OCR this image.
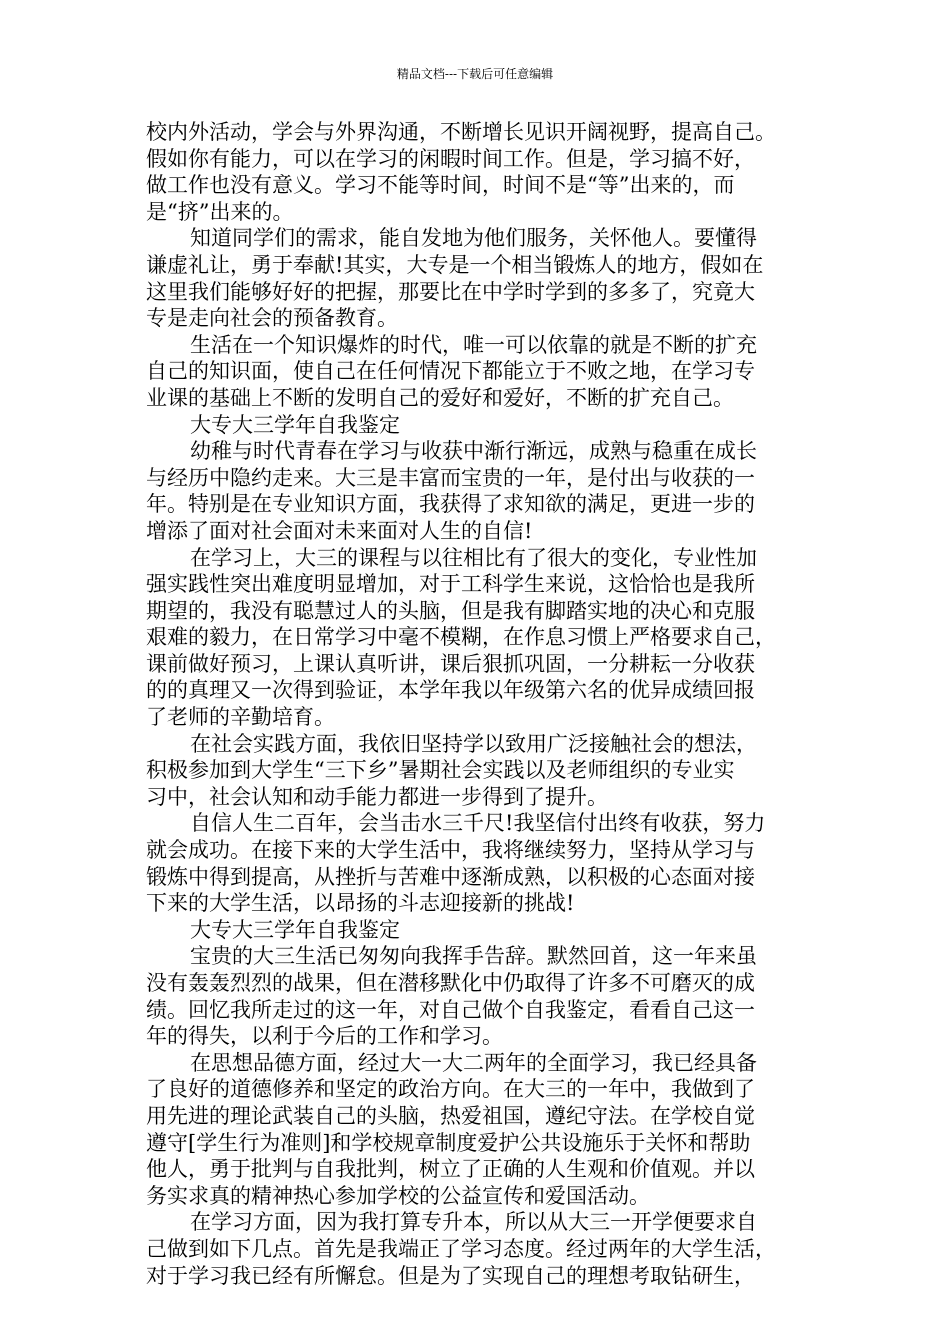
精品文档---下载后可任意编辑
校内外活动，学会与外界沟通，不断增长见识开阔视野，提高自己。
假如你有能力，可以在学习的闲暇时间工作。但是，学习搞不好，
做工作也没有意义。学习不能等时间，时间不是“等”出来的，而
是“挤”出来的。
知道同学们的需求，能自发地为他们服务，关怀他人。要懂得
谦虚礼让，勇于奉献!其实，大专是一个相当锻炼人的地方，假如在
这里我们能够好好的把握，那要比在中学时学到的多多了，究竟大
专是走向社会的预备教育。
生活在一个知识爆炸的时代，唯一可以依靠的就是不断的扩充
自己的知识面，使自己在任何情况下都能立于不败之地，在学习专
业课的基础上不断的发明自己的爱好和爱好，不断的扩充自己。
大专大三学年自我鉴定
幼稚与时代青春在学习与收获中渐行渐远，成熟与稳重在成长
与经历中隐约走来。大三是丰富而宝贵的一年，是付出与收获的一
年。特别是在专业知识方面，我获得了求知欲的满足，更进一步的
增添了面对社会面对未来面对人生的自信!
在学习上，大三的课程与以往相比有了很大的变化，专业性加
强实践性突出难度明显增加，对于工科学生来说，这恰恰也是我所
期望的，我没有聪慧过人的头脑，但是我有脚踏实地的决心和克服
艰难的毅力，在日常学习中毫不模糊，在作息习惯上严格要求自己，
课前做好预习，上课认真听讲，课后狠抓巩固，一分耕耘一分收获
的的真理又一次得到验证，本学年我以年级第六名的优异成绩回报
了老师的辛勤培育。
在社会实践方面，我依旧坚持学以致用广泛接触社会的想法，
积极参加到大学生“三下乡”暑期社会实践以及老师组织的专业实
习中，社会认知和动手能力都进一步得到了提升。
自信人生二百年，会当击水三千尺!我坚信付出终有收获，努力
就会成功。在接下来的大学生活中，我将继续努力，坚持从学习与
锻炼中得到提高，从挫折与苦难中逐渐成熟，以积极的心态面对接
下来的大学生活，以昂扬的斗志迎接新的挑战!
大专大三学年自我鉴定
宝贵的大三生活已匆匆向我挥手告辞。默然回首，这一年来虽
没有轰轰烈烈的战果，但在潜移默化中仍取得了许多不可磨灭的成
绩。回忆我所走过的这一年，对自己做个自我鉴定，看看自己这一
年的得失，以利于今后的工作和学习。
在思想品德方面，经过大一大二两年的全面学习，我已经具备
了良好的道德修养和坚定的政治方向。在大三的一年中，我做到了
用先进的理论武装自己的头脑，热爱祖国，遵纪守法。在学校自觉
遵守[学生行为准则]和学校规章制度爱护公共设施乐于关怀和帮助
他人，勇于批判与自我批判，树立了正确的人生观和价值观。并以
务实求真的精神热心参加学校的公益宣传和爱国活动。
在学习方面，因为我打算专升本，所以从大三一开学便要求自
己做到如下几点。首先是我端正了学习态度。经过两年的大学生活，
对于学习我已经有所懈怠。但是为了实现自己的理想考取钻研生，
